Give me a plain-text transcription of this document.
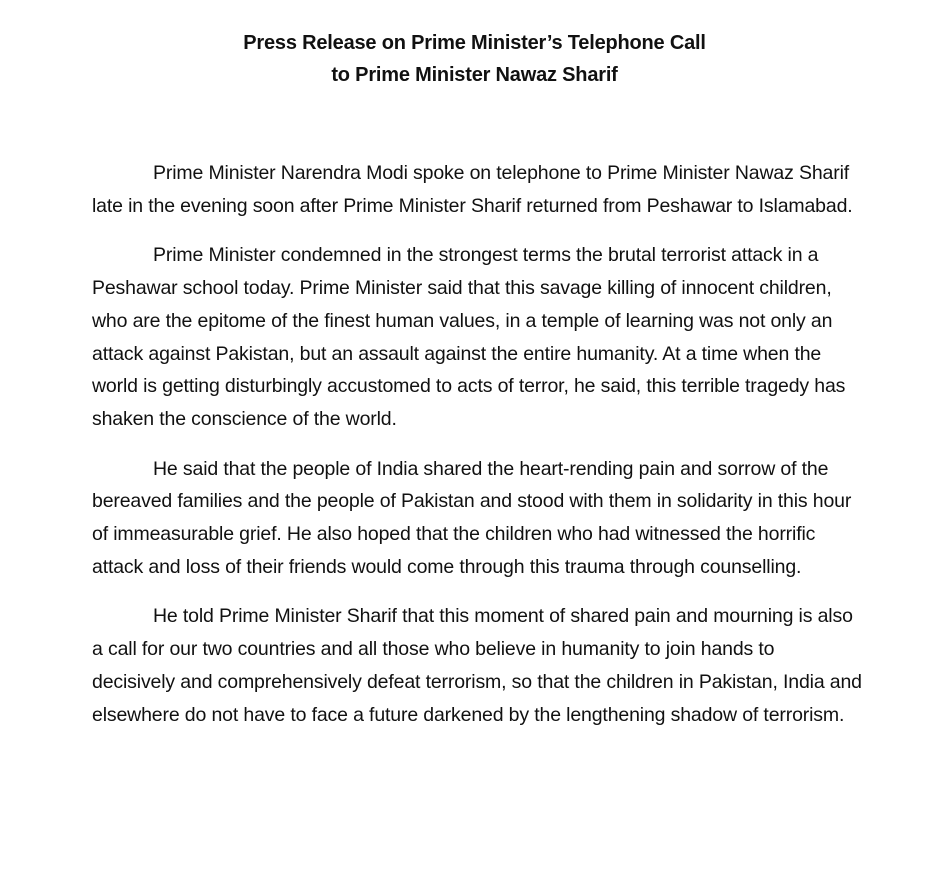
Press Release on Prime Minister’s Telephone Call
to Prime Minister Nawaz Sharif

Prime Minister Narendra Modi spoke on telephone to Prime Minister Nawaz Sharif late in the evening soon after Prime Minister Sharif returned from Peshawar to Islamabad.

Prime Minister condemned in the strongest terms the brutal terrorist attack in a Peshawar school today. Prime Minister said that this savage killing of innocent children, who are the epitome of the finest human values, in a temple of learning was not only an attack against Pakistan, but an assault against the entire humanity. At a time when the world is getting disturbingly accustomed to acts of terror, he said, this terrible tragedy has shaken the conscience of the world.

He said that the people of India shared the heart-rending pain and sorrow of the bereaved families and the people of Pakistan and stood with them in solidarity in this hour of immeasurable grief. He also hoped that the children who had witnessed the horrific attack and loss of their friends would come through this trauma through counselling.

He told Prime Minister Sharif that this moment of shared pain and mourning is also a call for our two countries and all those who believe in humanity to join hands to decisively and comprehensively defeat terrorism, so that the children in Pakistan, India and elsewhere do not have to face a future darkened by the lengthening shadow of terrorism.
